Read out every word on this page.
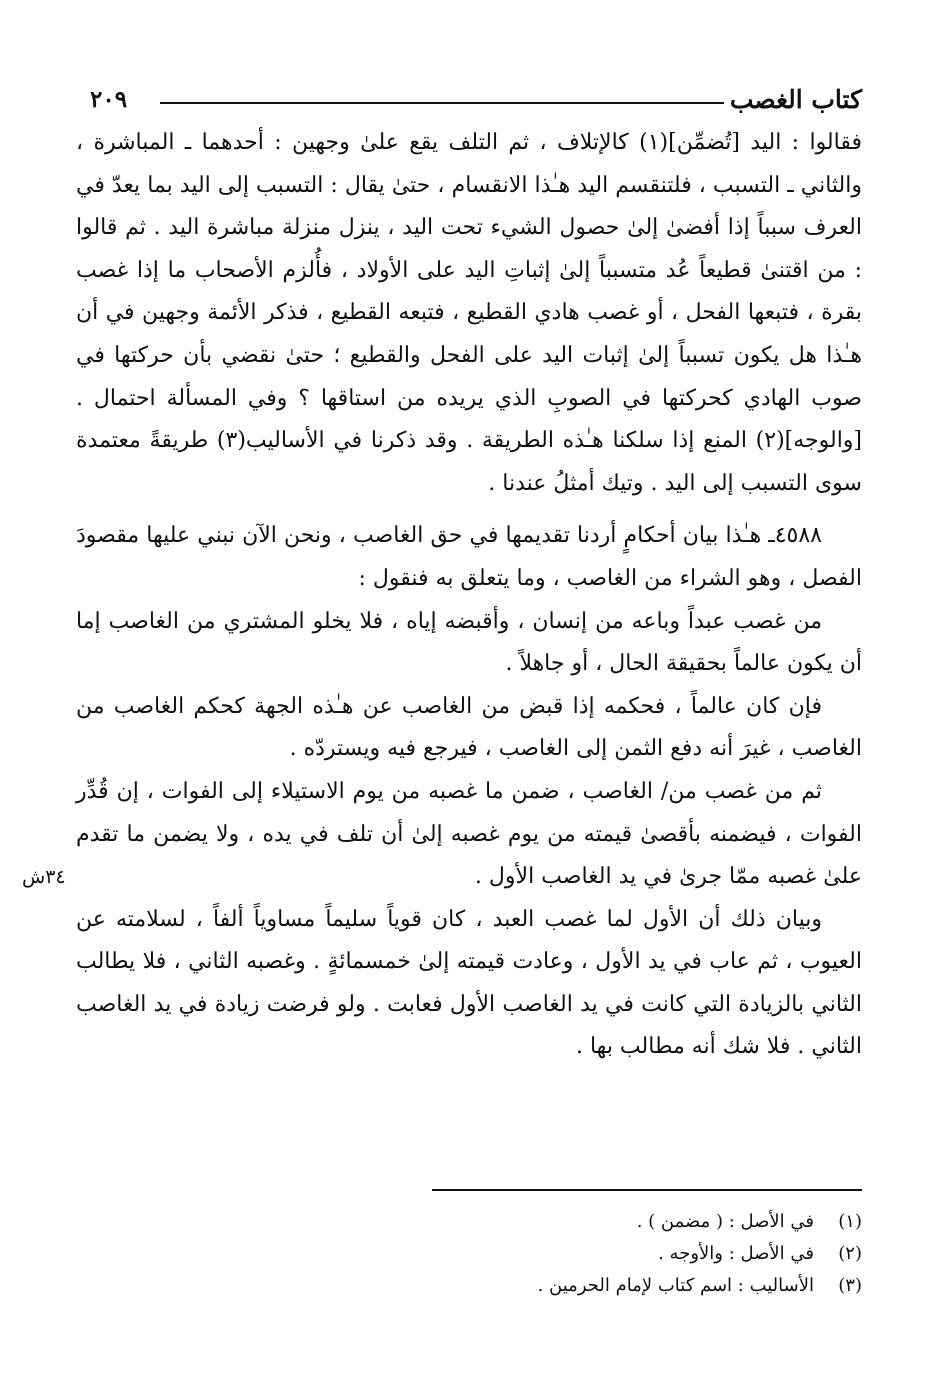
كتاب الغصب
٢٠٩

فقالوا : اليد [تُضمِّن](١) كالإتلاف ، ثم التلف يقع علىٰ وجهين : أحدهما ـ المباشرة ، والثاني ـ التسبب ، فلتنقسم اليد هـٰذا الانقسام ، حتىٰ يقال : التسبب إلى اليد بما يعدّ في العرف سبباً إذا أفضىٰ إلىٰ حصول الشيء تحت اليد ، ينزل منزلة مباشرة اليد . ثم قالوا : من اقتنىٰ قطيعاً عُد متسبباً إلىٰ إثباتِ اليد على الأولاد ، فأُلزم الأصحاب ما إذا غصب بقرة ، فتبعها الفحل ، أو غصب هادي القطيع ، فتبعه القطيع ، فذكر الأئمة وجهين في أن هـٰذا هل يكون تسبباً إلىٰ إثبات اليد على الفحل والقطيع ؛ حتىٰ نقضي بأن حركتها في صوب الهادي كحركتها في الصوبِ الذي يريده من استاقها ؟ وفي المسألة احتمال . [والوجه](٢) المنع إذا سلكنا هـٰذه الطريقة . وقد ذكرنا في الأساليب(٣) طريقةً معتمدة سوى التسبب إلى اليد . وتيك أمثلُ عندنا .

٤٥٨٨ـ هـٰذا بيان أحكامٍ أردنا تقديمها في حق الغاصب ، ونحن الآن نبني عليها مقصودَ الفصل ، وهو الشراء من الغاصب ، وما يتعلق به فنقول :

من غصب عبداً وباعه من إنسان ، وأقبضه إياه ، فلا يخلو المشتري من الغاصب إما أن يكون عالماً بحقيقة الحال ، أو جاهلاً .

فإن كان عالماً ، فحكمه إذا قبض من الغاصب عن هـٰذه الجهة كحكم الغاصب من الغاصب ، غيرَ أنه دفع الثمن إلى الغاصب ، فيرجع فيه ويستردّه .

ثم من غصب من/ الغاصب ، ضمن ما غصبه من يوم الاستيلاء إلى الفوات ، إن قُدِّر الفوات ، فيضمنه بأقصىٰ قيمته من يوم غصبه إلىٰ أن تلف في يده ، ولا يضمن ما تقدم علىٰ غصبه ممّا جرىٰ في يد الغاصب الأول .

وبيان ذلك أن الأول لما غصب العبد ، كان قوياً سليماً مساوياً ألفاً ، لسلامته عن العيوب ، ثم عاب في يد الأول ، وعادت قيمته إلىٰ خمسمائةٍ . وغصبه الثاني ، فلا يطالب الثاني بالزيادة التي كانت في يد الغاصب الأول فعابت . ولو فرضت زيادة في يد الغاصب الثاني . فلا شك أنه مطالب بها .

٣٤ش
(١)
في الأصل : ( مضمن ) .
(٢)
في الأصل : والأوجه .
(٣)
الأساليب : اسم كتاب لإمام الحرمين .
